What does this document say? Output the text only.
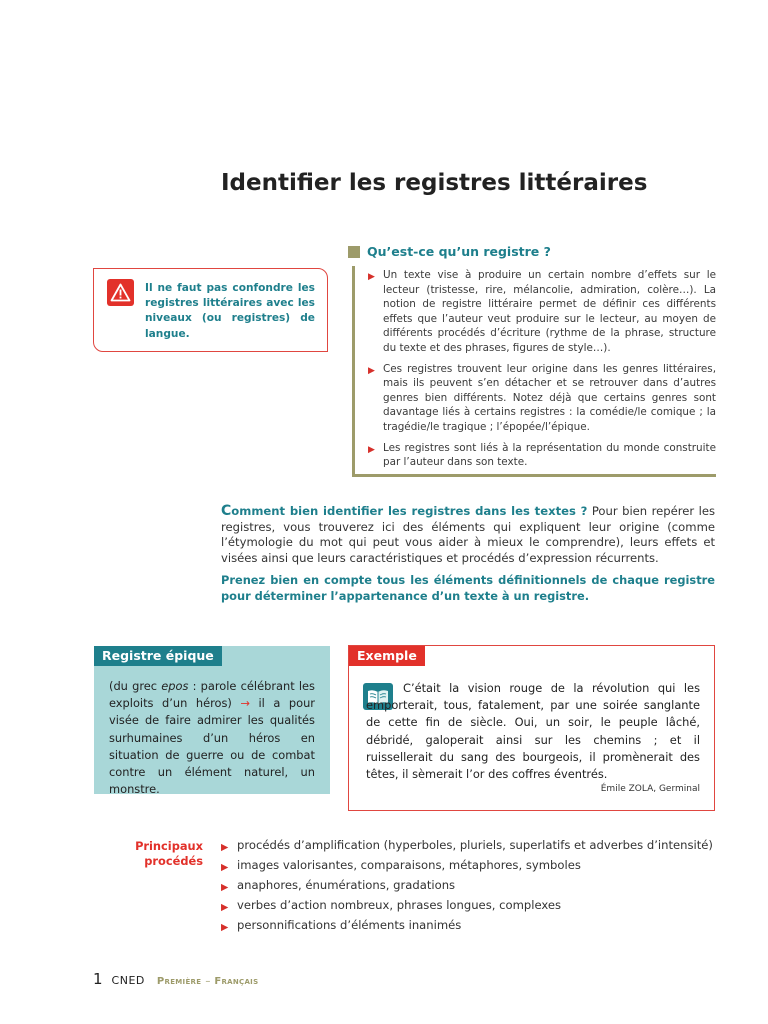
Identifier les registres littéraires
Qu’est-ce qu’un registre ?
▶ Un texte vise à produire un certain nombre d’effets sur le lecteur (tristesse, rire, mélancolie, admiration, colère…). La notion de registre littéraire permet de définir ces différents effets que l’auteur veut produire sur le lecteur, au moyen de différents procédés d’écriture (rythme de la phrase, structure du texte et des phrases, figures de style…).
▶ Ces registres trouvent leur origine dans les genres littéraires, mais ils peuvent s’en détacher et se retrouver dans d’autres genres bien différents. Notez déjà que certains genres sont davantage liés à certains registres : la comédie/le comique ; la tragédie/le tragique ; l’épopée/l’épique.
▶ Les registres sont liés à la représentation du monde construite par l’auteur dans son texte.
Il ne faut pas confondre les registres littéraires avec les niveaux (ou registres) de langue.

Comment bien identifier les registres dans les textes ? Pour bien repérer les registres, vous trouverez ici des éléments qui expliquent leur origine (comme l’étymologie du mot qui peut vous aider à mieux le comprendre), leurs effets et visées ainsi que leurs caractéristiques et procédés d’expression récurrents.

Prenez bien en compte tous les éléments définitionnels de chaque registre pour déterminer l’appartenance d’un texte à un registre.

Registre épique
(du grec epos : parole célébrant les exploits d’un héros) → il a pour visée de faire admirer les qualités surhumaines d’un héros en situation de guerre ou de combat contre un élément naturel, un monstre.
Exemple

C’était la vision rouge de la révolution qui les emporterait, tous, fatalement, par une soirée sanglante de cette fin de siècle. Oui, un soir, le peuple lâché, débridé, galoperait ainsi sur les chemins ; et il ruissellerait du sang des bourgeois, il promènerait des têtes, il sèmerait l’or des coffres éventrés.

Émile ZOLA, Germinal
Principaux
procédés
▶ procédés d’amplification (hyperboles, pluriels, superlatifs et adverbes d’intensité)
▶ images valorisantes, comparaisons, métaphores, symboles
▶ anaphores, énumérations, gradations
▶ verbes d’action nombreux, phrases longues, complexes
▶ personnifications d’éléments inanimés
1 CNED Première – Français
